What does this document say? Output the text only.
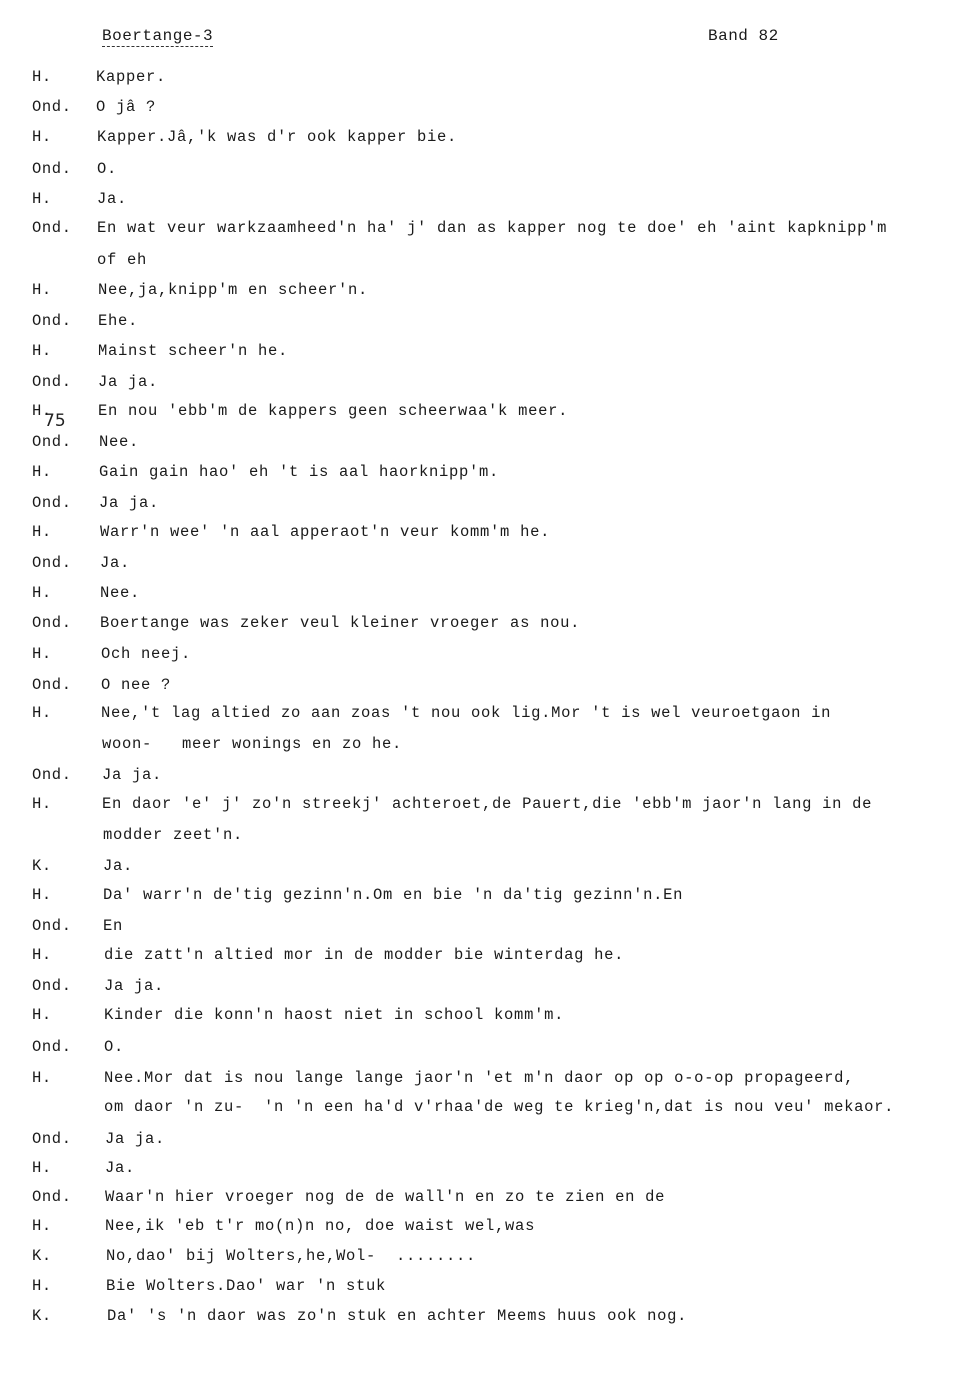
Boertange-3	Band 82
75
H.	Kapper.
Ond. O jâ ?
H.	Kapper.Jâ,'k was d'r ook kapper bie.
Ond. O.
H.	Ja.
Ond. En wat veur warkzaamheed'n ha' j' dan as kapper nog te doe' eh 'aint kapknipp'm
of eh
H.	Nee,ja,knipp'm en scheer'n.
Ond. Ehe.
H.	Mainst scheer'n he.
Ond. Ja ja.
H.	En nou 'ebb'm de kappers geen scheerwaa'k meer.
Ond. Nee.
H.	Gain gain hao' eh 't is aal haorknipp'm.
Ond. Ja ja.
H.	Warr'n wee' 'n aal apperaot'n veur komm'm he.
Ond. Ja.
H.	Nee.
Ond. Boertange was zeker veul kleiner vroeger as nou.
H.	Och neej.
Ond. O nee ?
H.	Nee,'t lag altied zo aan zoas 't nou ook lig.Mor 't is wel veuroetgaon in
woon-   meer wonings en zo he.
Ond. Ja ja.
H.	En daor 'e' j' zo'n streekj' achteroet,de Pauert,die 'ebb'm jaor'n lang in de
modder zeet'n.
K.	Ja.
H.	Da' warr'n de'tig gezinn'n.Om en bie 'n da'tig gezinn'n.En
Ond. En
H.	die zatt'n altied mor in de modder bie winterdag he.
Ond. Ja ja.
H.	Kinder die konn'n haost niet in school komm'm.
Ond. O.
H.	Nee.Mor dat is nou lange lange jaor'n 'et m'n daor op op o-o-op propageerd,
om daor 'n zu-  'n 'n een ha'd v'rhaa'de weg te krieg'n,dat is nou veu' mekaor.
Ond. Ja ja.
H.	Ja.
Ond. Waar'n hier vroeger nog de de wall'n en zo te zien en de
H.	Nee,ik 'eb t'r mo(n)n no, doe waist wel,was
K.	No,dao' bij Wolters,he,Wol-  ........
H.	Bie Wolters.Dao' war 'n stuk
K.	Da' 's 'n daor was zo'n stuk en achter Meems huus ook nog.
